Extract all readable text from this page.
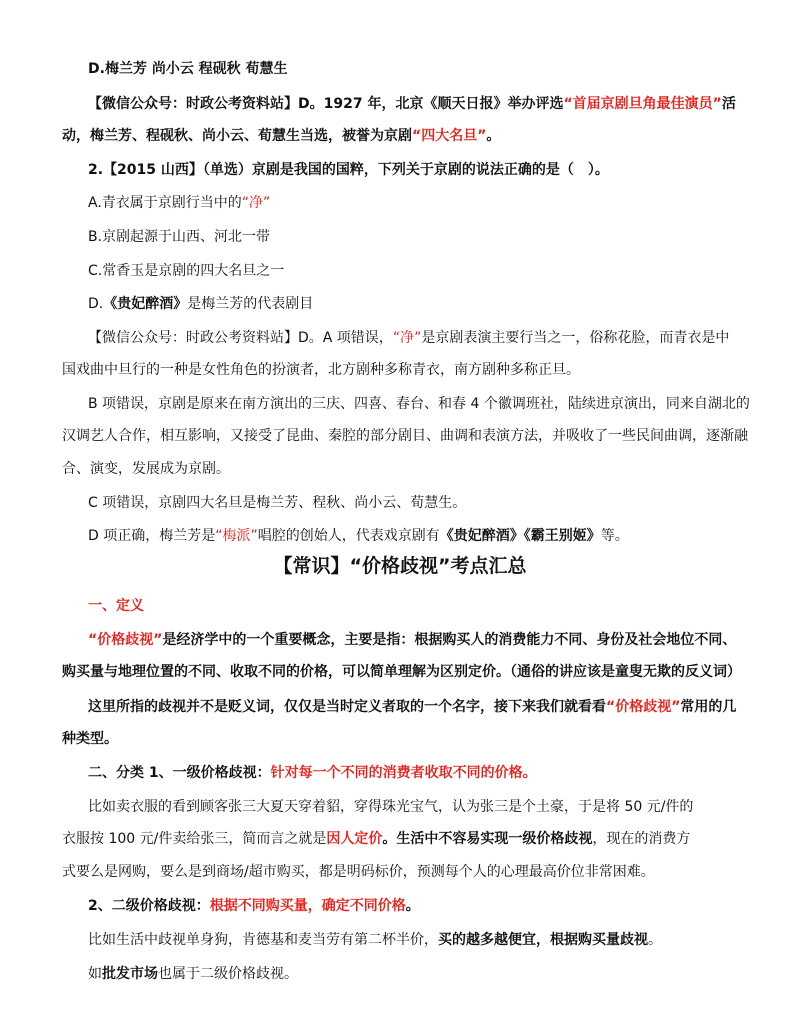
D.梅兰芳 尚小云 程砚秋 荀慧生
【微信公众号：时政公考资料站】D。1927 年，北京《顺天日报》举办评选“首届京剧旦角最佳演员”活
动，梅兰芳、程砚秋、尚小云、荀慧生当选，被誉为京剧“四大名旦”。
2.【2015 山西】（单选）京剧是我国的国粹，下列关于京剧的说法正确的是（　）。
A.青衣属于京剧行当中的“净”
B.京剧起源于山西、河北一带
C.常香玉是京剧的四大名旦之一
D.《贵妃醉酒》是梅兰芳的代表剧目
【微信公众号：时政公考资料站】D。A 项错误，“净”是京剧表演主要行当之一，俗称花脸，而青衣是中
国戏曲中旦行的一种是女性角色的扮演者，北方剧种多称青衣，南方剧种多称正旦。
B 项错误，京剧是原来在南方演出的三庆、四喜、春台、和春 4 个徽调班社，陆续进京演出，同来自湖北的
汉调艺人合作，相互影响，又接受了昆曲、秦腔的部分剧目、曲调和表演方法，并吸收了一些民间曲调，逐渐融
合、演变，发展成为京剧。
C 项错误，京剧四大名旦是梅兰芳、程秋、尚小云、荀慧生。
D 项正确，梅兰芳是“梅派”唱腔的创始人，代表戏京剧有《贵妃醉酒》《霸王别姬》等。
【常识】“价格歧视”考点汇总
一、定义
“价格歧视”是经济学中的一个重要概念，主要是指：根据购买人的消费能力不同、身份及社会地位不同、
购买量与地理位置的不同、收取不同的价格，可以简单理解为区别定价。（通俗的讲应该是童叟无欺的反义词）
这里所指的歧视并不是贬义词，仅仅是当时定义者取的一个名字，接下来我们就看看“价格歧视”常用的几
种类型。
二、分类 1、一级价格歧视：针对每一个不同的消费者收取不同的价格。
比如卖衣服的看到顾客张三大夏天穿着貂，穿得珠光宝气，认为张三是个土豪，于是将 50 元/件的
衣服按 100 元/件卖给张三，简而言之就是因人定价。生活中不容易实现一级价格歧视，现在的消费方
式要么是网购，要么是到商场/超市购买，都是明码标价，预测每个人的心理最高价位非常困难。
2、二级价格歧视：根据不同购买量，确定不同价格。
比如生活中歧视单身狗，肯德基和麦当劳有第二杯半价，买的越多越便宜，根据购买量歧视。
如批发市场也属于二级价格歧视。
